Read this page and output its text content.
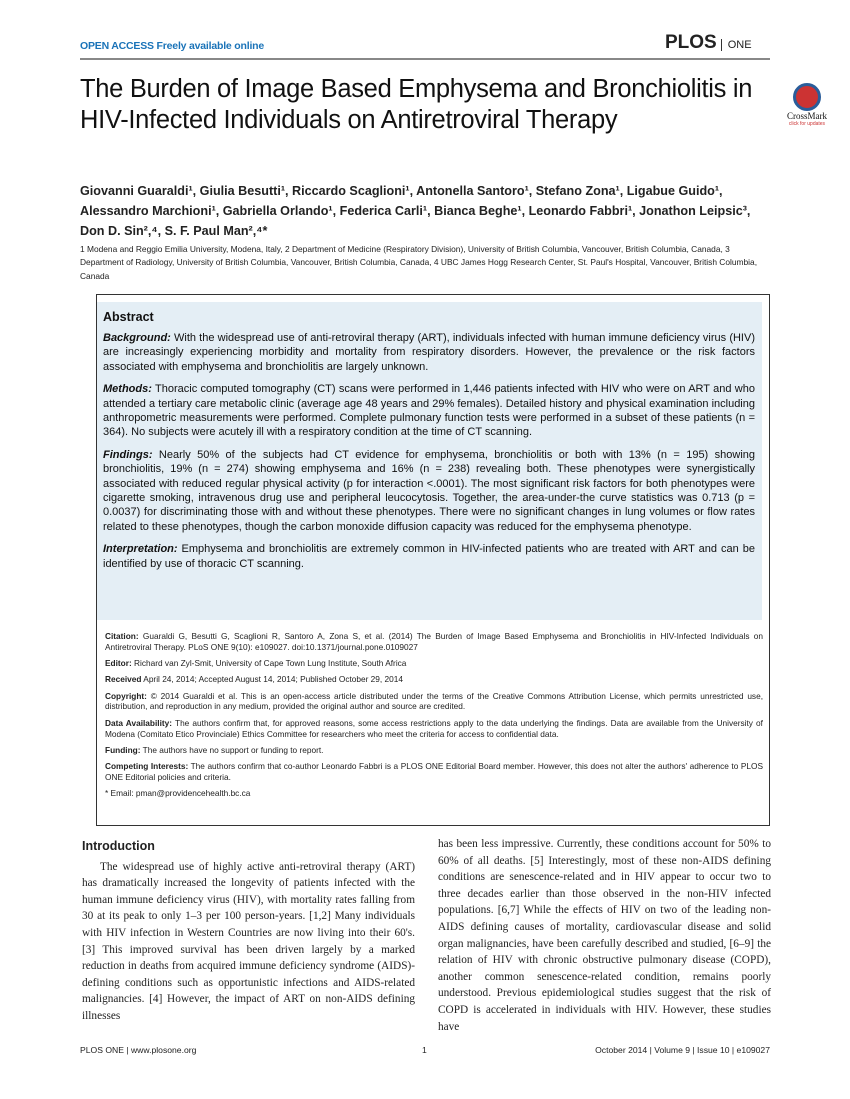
OPEN ACCESS Freely available online	PLOS ONE
The Burden of Image Based Emphysema and Bronchiolitis in HIV-Infected Individuals on Antiretroviral Therapy	CrossMark
click for updates
Giovanni Guaraldi¹, Giulia Besutti¹, Riccardo Scaglioni¹, Antonella Santoro¹, Stefano Zona¹, Ligabue Guido¹, Alessandro Marchioni¹, Gabriella Orlando¹, Federica Carli¹, Bianca Beghe¹, Leonardo Fabbri¹, Jonathon Leipsic³, Don D. Sin²,⁴, S. F. Paul Man²,⁴*
1 Modena and Reggio Emilia University, Modena, Italy, 2 Department of Medicine (Respiratory Division), University of British Columbia, Vancouver, British Columbia, Canada, 3 Department of Radiology, University of British Columbia, Vancouver, British Columbia, Canada, 4 UBC James Hogg Research Center, St. Paul's Hospital, Vancouver, British Columbia, Canada
Abstract

Background: With the widespread use of anti-retroviral therapy (ART), individuals infected with human immune deficiency virus (HIV) are increasingly experiencing morbidity and mortality from respiratory disorders. However, the prevalence or the risk factors associated with emphysema and bronchiolitis are largely unknown.

Methods: Thoracic computed tomography (CT) scans were performed in 1,446 patients infected with HIV who were on ART and who attended a tertiary care metabolic clinic (average age 48 years and 29% females). Detailed history and physical examination including anthropometric measurements were performed. Complete pulmonary function tests were performed in a subset of these patients (n = 364). No subjects were acutely ill with a respiratory condition at the time of CT scanning.

Findings: Nearly 50% of the subjects had CT evidence for emphysema, bronchiolitis or both with 13% (n = 195) showing bronchiolitis, 19% (n = 274) showing emphysema and 16% (n = 238) revealing both. These phenotypes were synergistically associated with reduced regular physical activity (p for interaction <.0001). The most significant risk factors for both phenotypes were cigarette smoking, intravenous drug use and peripheral leucocytosis. Together, the area-under-the curve statistics was 0.713 (p = 0.0037) for discriminating those with and without these phenotypes. There were no significant changes in lung volumes or flow rates related to these phenotypes, though the carbon monoxide diffusion capacity was reduced for the emphysema phenotype.

Interpretation: Emphysema and bronchiolitis are extremely common in HIV-infected patients who are treated with ART and can be identified by use of thoracic CT scanning.

Citation: Guaraldi G, Besutti G, Scaglioni R, Santoro A, Zona S, et al. (2014) The Burden of Image Based Emphysema and Bronchiolitis in HIV-Infected Individuals on Antiretroviral Therapy. PLoS ONE 9(10): e109027. doi:10.1371/journal.pone.0109027

Editor: Richard van Zyl-Smit, University of Cape Town Lung Institute, South Africa

Received April 24, 2014; Accepted August 14, 2014; Published October 29, 2014

Copyright: © 2014 Guaraldi et al. This is an open-access article distributed under the terms of the Creative Commons Attribution License, which permits unrestricted use, distribution, and reproduction in any medium, provided the original author and source are credited.

Data Availability: The authors confirm that, for approved reasons, some access restrictions apply to the data underlying the findings. Data are available from the University of Modena (Comitato Etico Provinciale) Ethics Committee for researchers who meet the criteria for access to confidential data.

Funding: The authors have no support or funding to report.

Competing Interests: The authors confirm that co-author Leonardo Fabbri is a PLOS ONE Editorial Board member. However, this does not alter the authors' adherence to PLOS ONE Editorial policies and criteria.

* Email: pman@providencehealth.bc.ca

Introduction

The widespread use of highly active anti-retroviral therapy (ART) has dramatically increased the longevity of patients infected with the human immune deficiency virus (HIV), with mortality rates falling from 30 at its peak to only 1–3 per 100 person-years. [1,2] Many individuals with HIV infection in Western Countries are now living into their 60's. [3] This improved survival has been driven largely by a marked reduction in deaths from acquired immune deficiency syndrome (AIDS)-defining conditions such as opportunistic infections and AIDS-related malignancies. [4] However, the impact of ART on non-AIDS defining illnesses

has been less impressive. Currently, these conditions account for 50% to 60% of all deaths. [5] Interestingly, most of these non-AIDS defining conditions are senescence-related and in HIV appear to occur two to three decades earlier than those observed in the non-HIV infected populations. [6,7] While the effects of HIV on two of the leading non-AIDS defining causes of mortality, cardiovascular disease and solid organ malignancies, have been carefully described and studied, [6–9] the relation of HIV with chronic obstructive pulmonary disease (COPD), another common senescence-related condition, remains poorly understood. Previous epidemiological studies suggest that the risk of COPD is accelerated in individuals with HIV. However, these studies have

PLOS ONE | www.plosone.org	1	October 2014 | Volume 9 | Issue 10 | e109027
